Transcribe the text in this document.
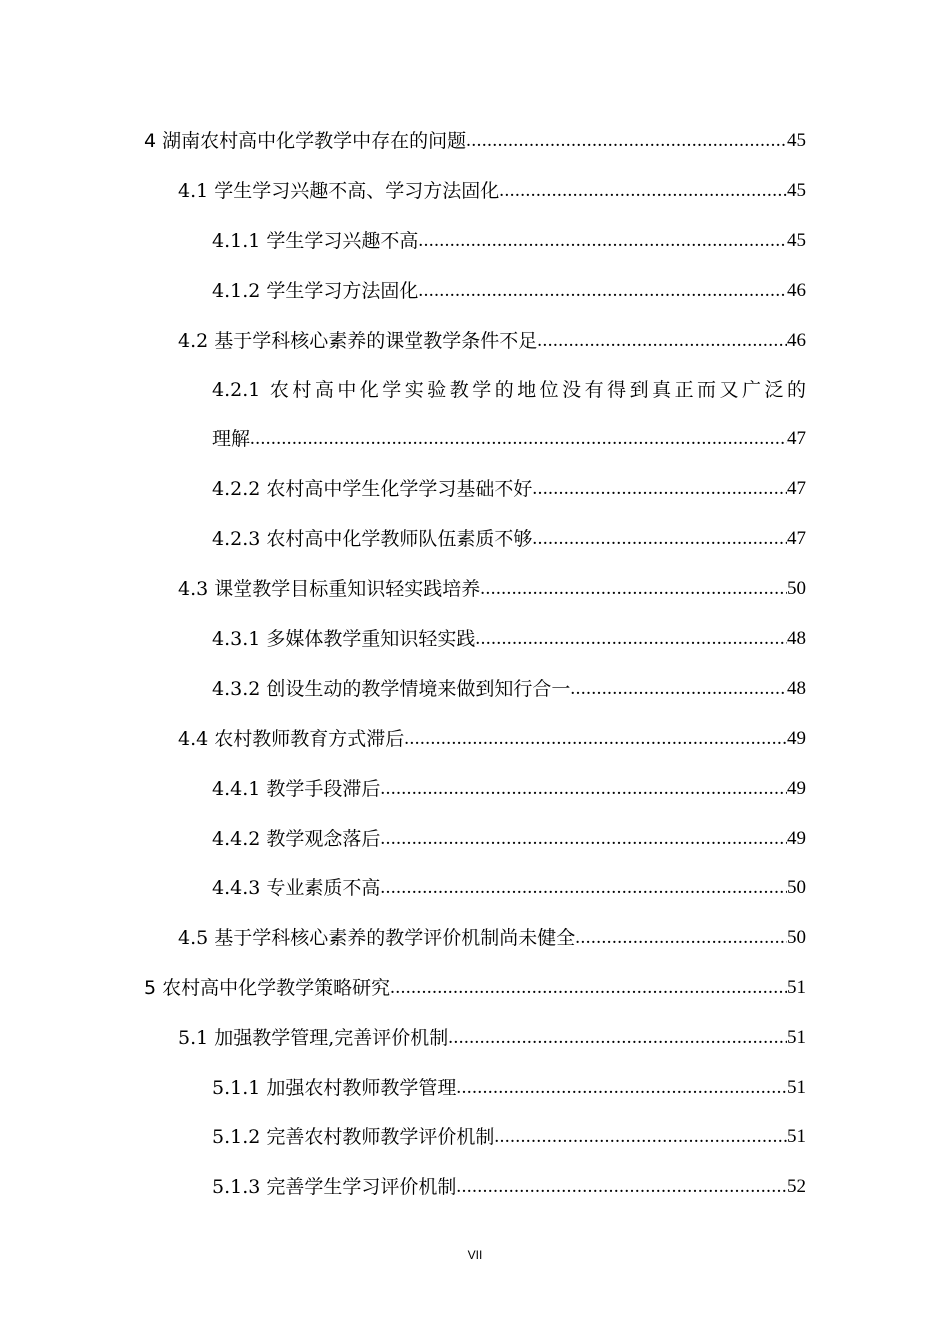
4 湖南农村高中化学教学中存在的问题 .....	45
4.1 学生学习兴趣不高、学习方法固化 .....	45
4.1.1 学生学习兴趣不高 .....	45
4.1.2 学生学习方法固化 .....	46
4.2 基于学科核心素养的课堂教学条件不足 .....	46
4.2.1 农村高中化学实验教学的地位没有得到真正而又广泛的
理解 .....	47
4.2.2 农村高中学生化学学习基础不好 .....	47
4.2.3 农村高中化学教师队伍素质不够 .....	47
4.3 课堂教学目标重知识轻实践培养 .....	50
4.3.1 多媒体教学重知识轻实践 .....	48
4.3.2 创设生动的教学情境来做到知行合一 .....	48
4.4 农村教师教育方式滞后 .....	49
4.4.1 教学手段滞后 .....	49
4.4.2 教学观念落后 .....	49
4.4.3 专业素质不高 .....	50
4.5 基于学科核心素养的教学评价机制尚未健全 .....	50
5 农村高中化学教学策略研究 .....	51
5.1 加强教学管理,完善评价机制 .....	51
5.1.1 加强农村教师教学管理 .....	51
5.1.2 完善农村教师教学评价机制 .....	51
5.1.3 完善学生学习评价机制 .....	52
VII
